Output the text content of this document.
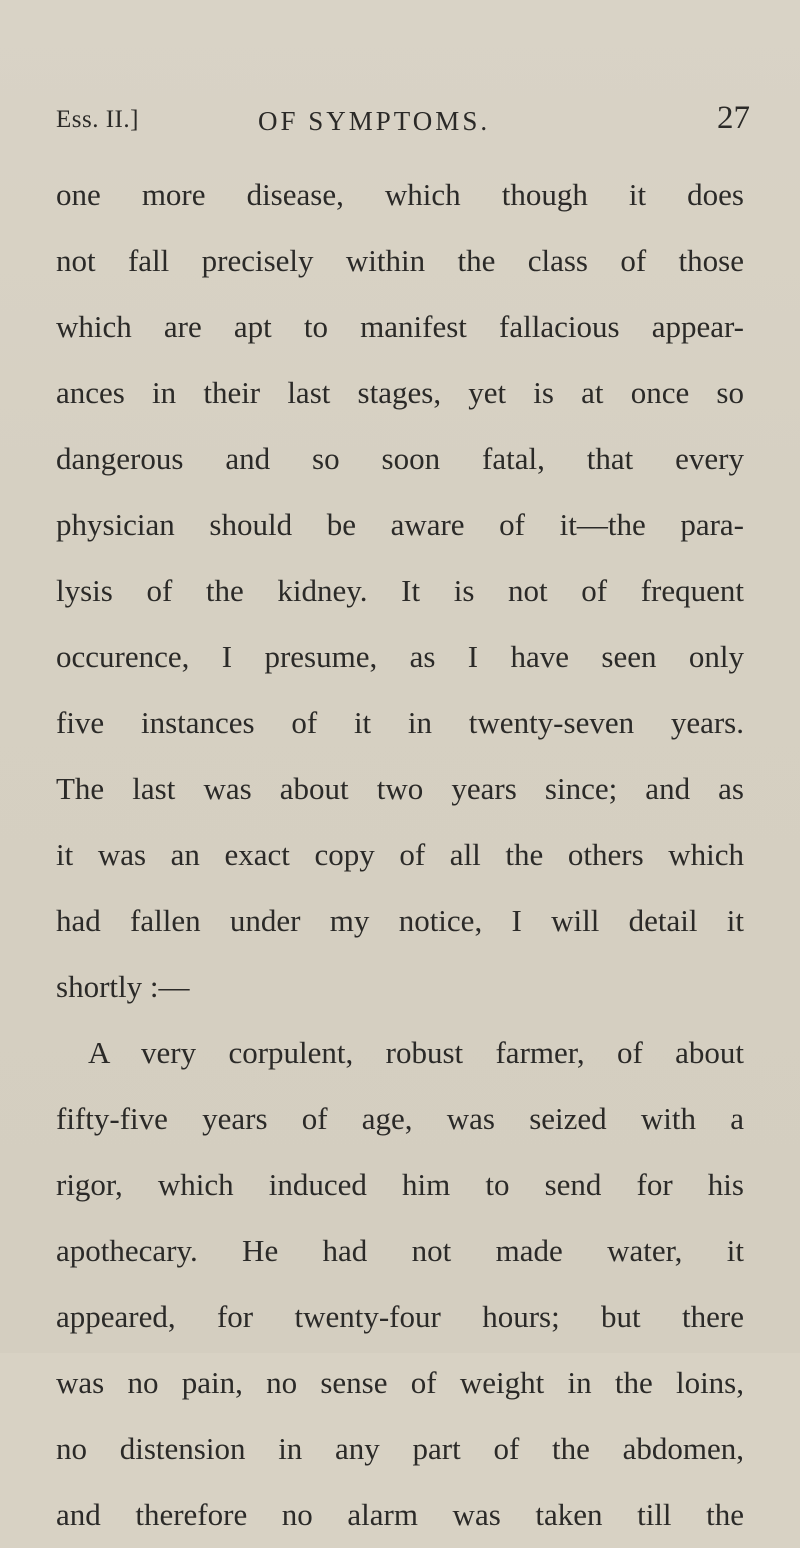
Ess. II.]	OF SYMPTOMS.	27
one more disease, which though it does
not fall precisely within the class of those
which are apt to manifest fallacious appear-
ances in their last stages, yet is at once so
dangerous and so soon fatal, that every
physician should be aware of it—the para-
lysis of the kidney. It is not of frequent
occurence, I presume, as I have seen only
five instances of it in twenty-seven years.
The last was about two years since; and as
it was an exact copy of all the others which
had fallen under my notice, I will detail it
shortly :—
A very corpulent, robust farmer, of about
fifty-five years of age, was seized with a
rigor, which induced him to send for his
apothecary. He had not made water, it
appeared, for twenty-four hours; but there
was no pain, no sense of weight in the loins,
no distension in any part of the abdomen,
and therefore no alarm was taken till the
